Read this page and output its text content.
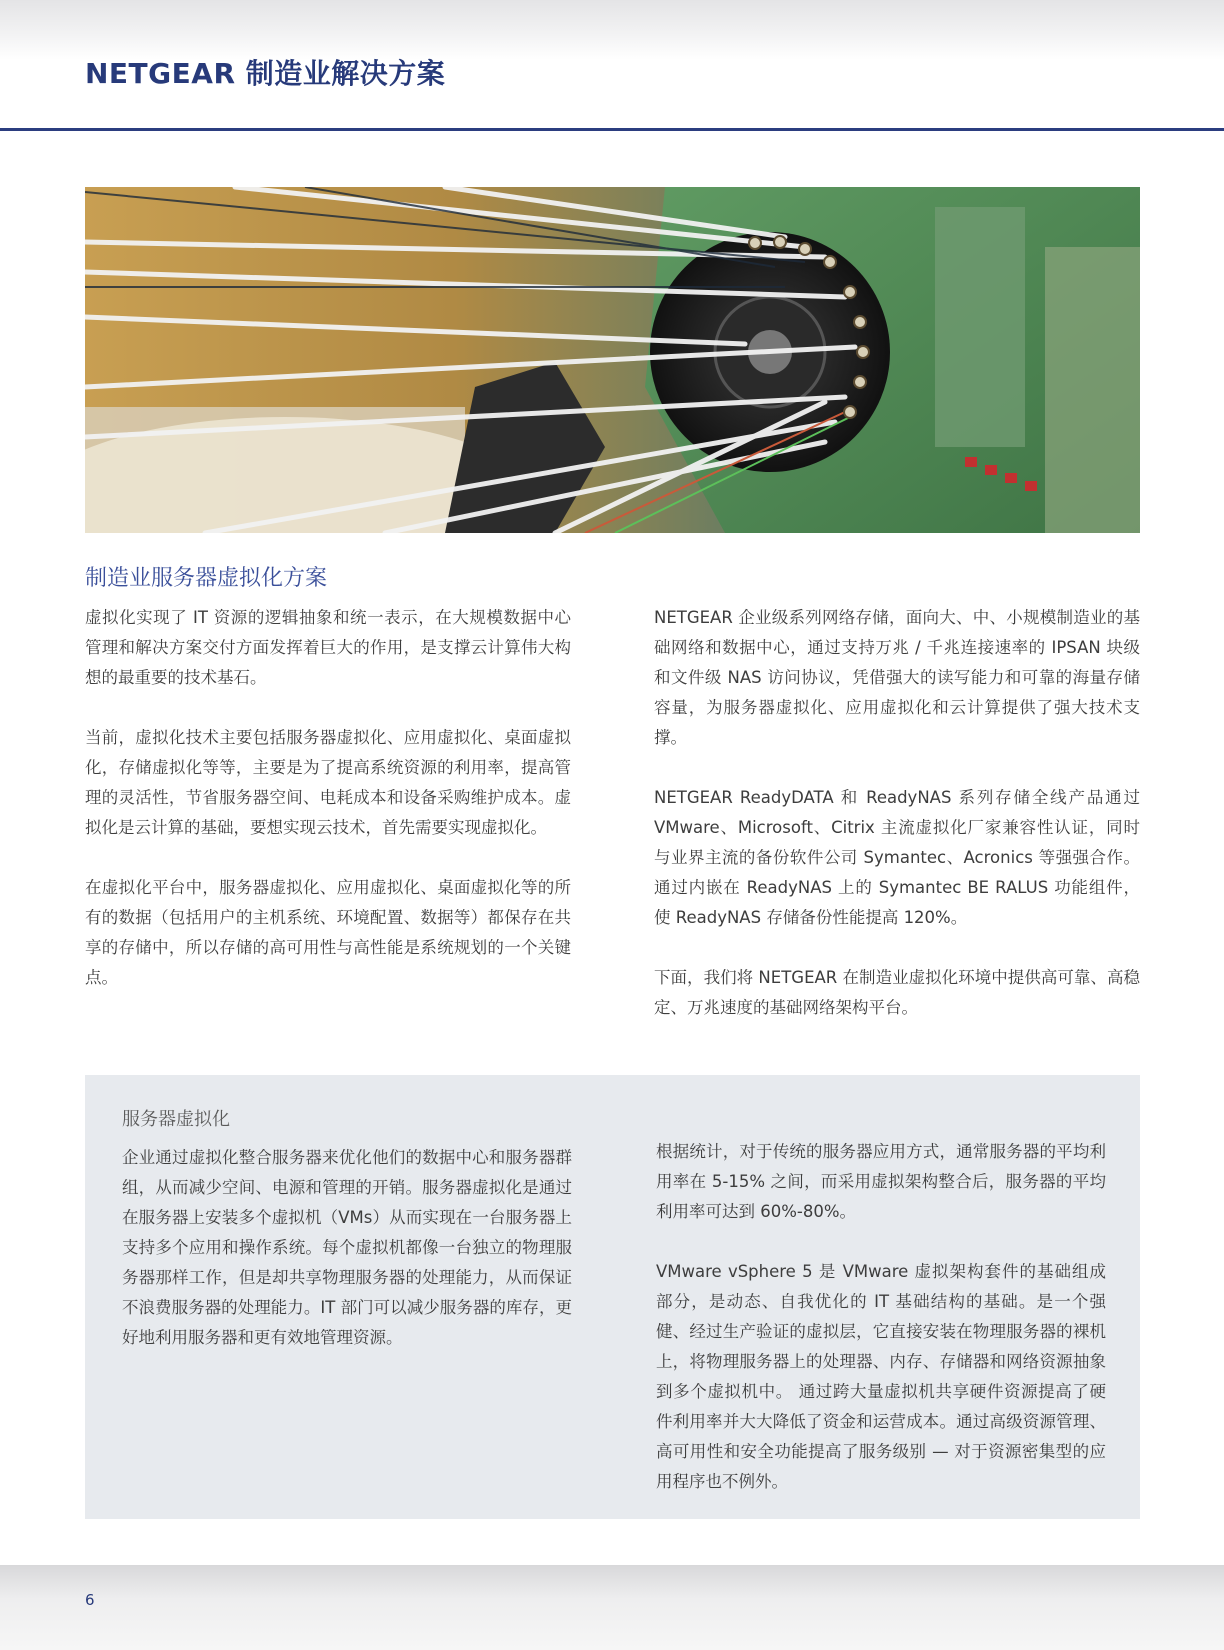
NETGEAR 制造业解决方案
制造业服务器虚拟化方案

虚拟化实现了 IT 资源的逻辑抽象和统一表示，在大规模数据中心管理和解决方案交付方面发挥着巨大的作用，是支撑云计算伟大构想的最重要的技术基石。

当前，虚拟化技术主要包括服务器虚拟化、应用虚拟化、桌面虚拟化，存储虚拟化等等，主要是为了提高系统资源的利用率，提高管理的灵活性，节省服务器空间、电耗成本和设备采购维护成本。虚拟化是云计算的基础，要想实现云技术，首先需要实现虚拟化。

在虚拟化平台中，服务器虚拟化、应用虚拟化、桌面虚拟化等的所有的数据（包括用户的主机系统、环境配置、数据等）都保存在共享的存储中，所以存储的高可用性与高性能是系统规划的一个关键点。

NETGEAR 企业级系列网络存储，面向大、中、小规模制造业的基础网络和数据中心，通过支持万兆 / 千兆连接速率的 IPSAN 块级和文件级 NAS 访问协议，凭借强大的读写能力和可靠的海量存储容量，为服务器虚拟化、应用虚拟化和云计算提供了强大技术支撑。

NETGEAR ReadyDATA 和 ReadyNAS 系列存储全线产品通过 VMware、Microsoft、Citrix 主流虚拟化厂家兼容性认证，同时与业界主流的备份软件公司 Symantec、Acronics 等强强合作。通过内嵌在 ReadyNAS 上的 Symantec BE RALUS 功能组件，使 ReadyNAS 存储备份性能提高 120%。

下面，我们将 NETGEAR 在制造业虚拟化环境中提供高可靠、高稳定、万兆速度的基础网络架构平台。

服务器虚拟化

企业通过虚拟化整合服务器来优化他们的数据中心和服务器群组，从而减少空间、电源和管理的开销。服务器虚拟化是通过在服务器上安装多个虚拟机（VMs）从而实现在一台服务器上支持多个应用和操作系统。每个虚拟机都像一台独立的物理服务器那样工作，但是却共享物理服务器的处理能力，从而保证不浪费服务器的处理能力。IT 部门可以减少服务器的库存，更好地利用服务器和更有效地管理资源。

根据统计，对于传统的服务器应用方式，通常服务器的平均利用率在 5-15% 之间，而采用虚拟架构整合后，服务器的平均利用率可达到 60%-80%。

VMware vSphere 5 是 VMware 虚拟架构套件的基础组成部分，是动态、自我优化的 IT 基础结构的基础。是一个强健、经过生产验证的虚拟层，它直接安装在物理服务器的裸机上，将物理服务器上的处理器、内存、存储器和网络资源抽象到多个虚拟机中。 通过跨大量虚拟机共享硬件资源提高了硬件利用率并大大降低了资金和运营成本。通过高级资源管理、高可用性和安全功能提高了服务级别 — 对于资源密集型的应用程序也不例外。

6
